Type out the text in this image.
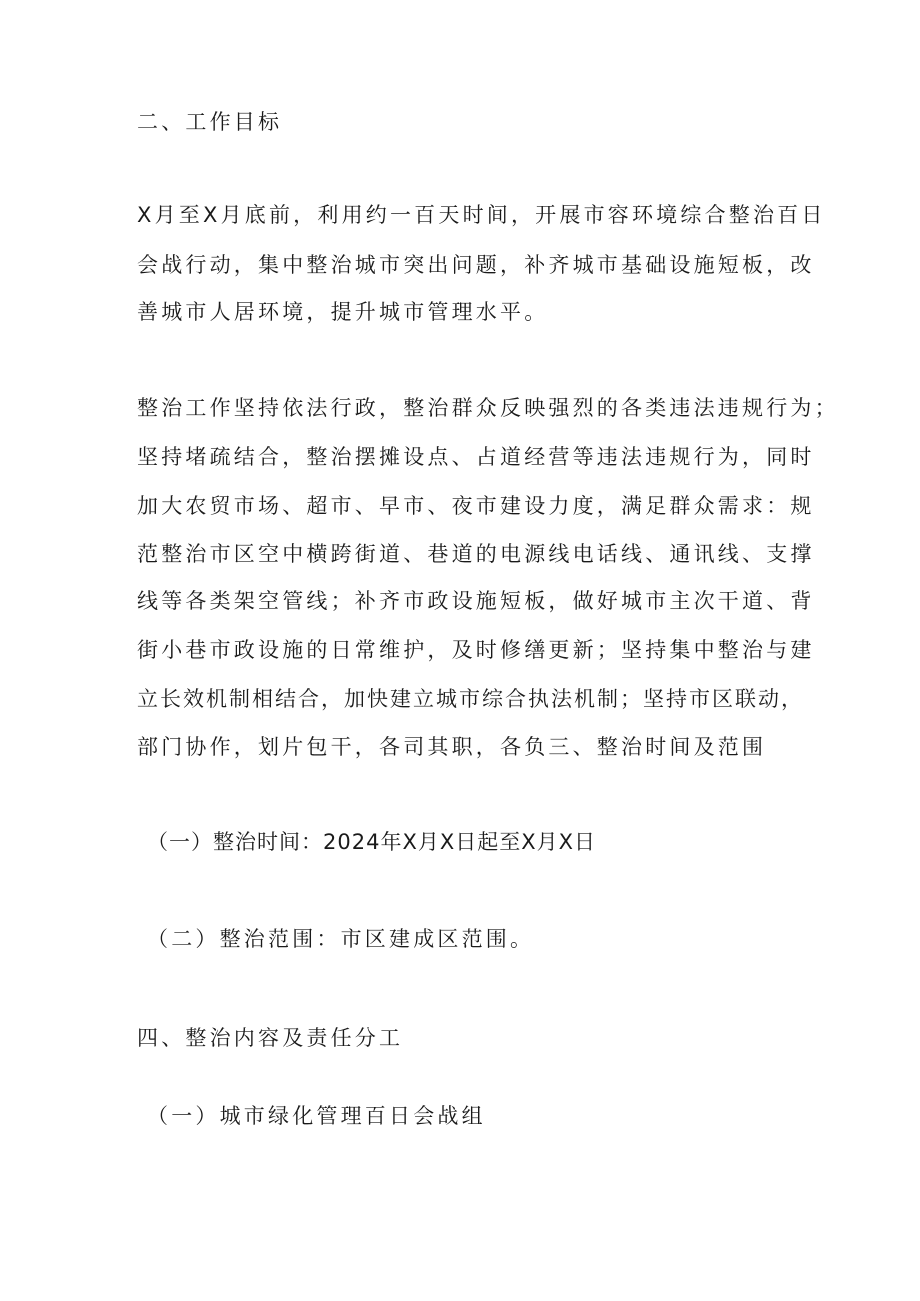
二、工作目标
X月至X月底前，利用约一百天时间，开展市容环境综合整治百日
会战行动，集中整治城市突出问题，补齐城市基础设施短板，改
善城市人居环境，提升城市管理水平。
整治工作坚持依法行政，整治群众反映强烈的各类违法违规行为；
坚持堵疏结合，整治摆摊设点、占道经营等违法违规行为，同时
加大农贸市场、超市、早市、夜市建设力度，满足群众需求：规
范整治市区空中横跨街道、巷道的电源线电话线、通讯线、支撑
线等各类架空管线；补齐市政设施短板，做好城市主次干道、背
街小巷市政设施的日常维护，及时修缮更新；坚持集中整治与建
立长效机制相结合，加快建立城市综合执法机制；坚持市区联动，
部门协作，划片包干，各司其职，各负三、整治时间及范围
（一）整治时间：2024年X月X日起至X月X日
（二）整治范围：市区建成区范围。
四、整治内容及责任分工
（一）城市绿化管理百日会战组
